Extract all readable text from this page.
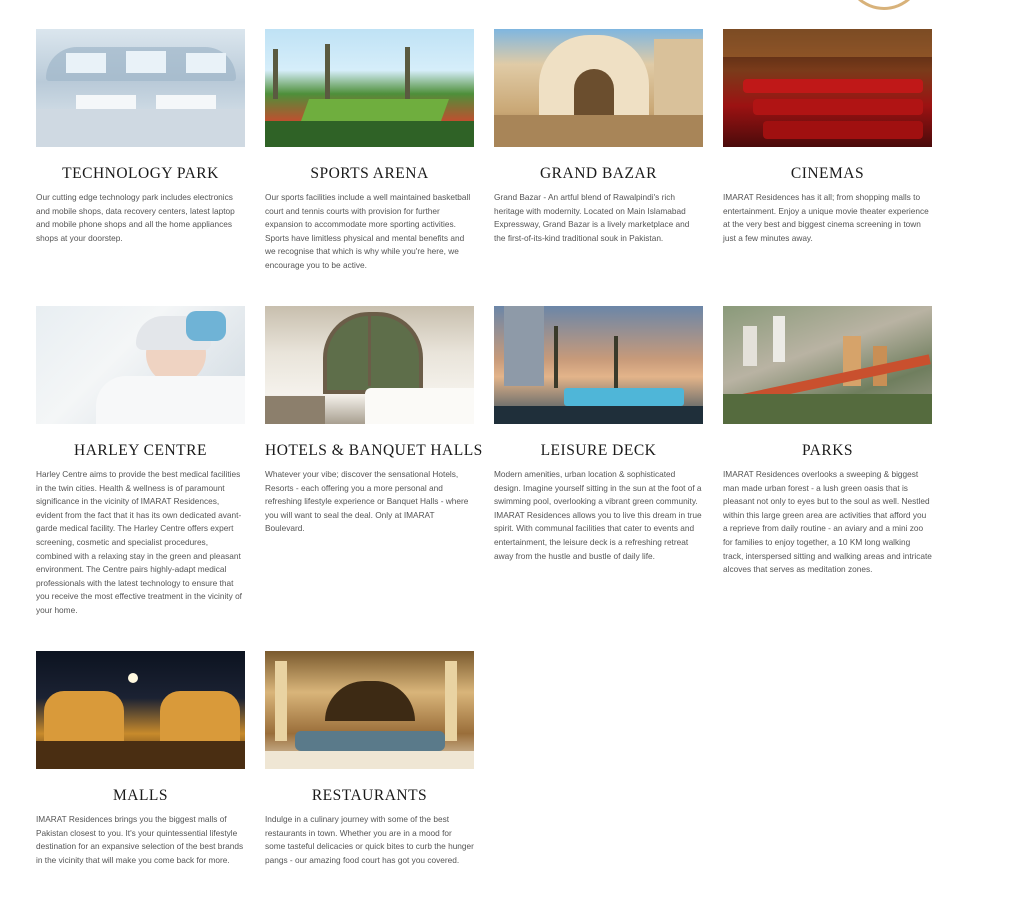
TECHNOLOGY PARK
Our cutting edge technology park includes electronics and mobile shops, data recovery centers, latest laptop and mobile phone shops and all the home appliances shops at your doorstep.
SPORTS ARENA
Our sports facilities include a well maintained basketball court and tennis courts with provision for further expansion to accommodate more sporting activities. Sports have limitless physical and mental benefits and we recognise that which is why while you're here, we encourage you to be active.
GRAND BAZAR
Grand Bazar - An artful blend of Rawalpindi's rich heritage with modernity. Located on Main Islamabad Expressway, Grand Bazar is a lively marketplace and the first-of-its-kind traditional souk in Pakistan.
CINEMAS
IMARAT Residences has it all; from shopping malls to entertainment. Enjoy a unique movie theater experience at the very best and biggest cinema screening in town just a few minutes away.
HARLEY CENTRE
Harley Centre aims to provide the best medical facilities in the twin cities. Health & wellness is of paramount significance in the vicinity of IMARAT Residences, evident from the fact that it has its own dedicated avant-garde medical facility. The Harley Centre offers expert screening, cosmetic and specialist procedures, combined with a relaxing stay in the green and pleasant environment. The Centre pairs highly-adapt medical professionals with the latest technology to ensure that you receive the most effective treatment in the vicinity of your home.
HOTELS & BANQUET HALLS
Whatever your vibe; discover the sensational Hotels, Resorts - each offering you a more personal and refreshing lifestyle experience or Banquet Halls - where you will want to seal the deal. Only at IMARAT Boulevard.
LEISURE DECK
Modern amenities, urban location & sophisticated design. Imagine yourself sitting in the sun at the foot of a swimming pool, overlooking a vibrant green community. IMARAT Residences allows you to live this dream in true spirit. With communal facilities that cater to events and entertainment, the leisure deck is a refreshing retreat away from the hustle and bustle of daily life.
PARKS
IMARAT Residences overlooks a sweeping & biggest man made urban forest - a lush green oasis that is pleasant not only to eyes but to the soul as well. Nestled within this large green area are activities that afford you a reprieve from daily routine - an aviary and a mini zoo for families to enjoy together, a 10 KM long walking track, interspersed sitting and walking areas and intricate alcoves that serves as meditation zones.
MALLS
IMARAT Residences brings you the biggest malls of Pakistan closest to you. It's your quintessential lifestyle destination for an expansive selection of the best brands in the vicinity that will make you come back for more.
RESTAURANTS
Indulge in a culinary journey with some of the best restaurants in town. Whether you are in a mood for some tasteful delicacies or quick bites to curb the hunger pangs - our amazing food court has got you covered.
